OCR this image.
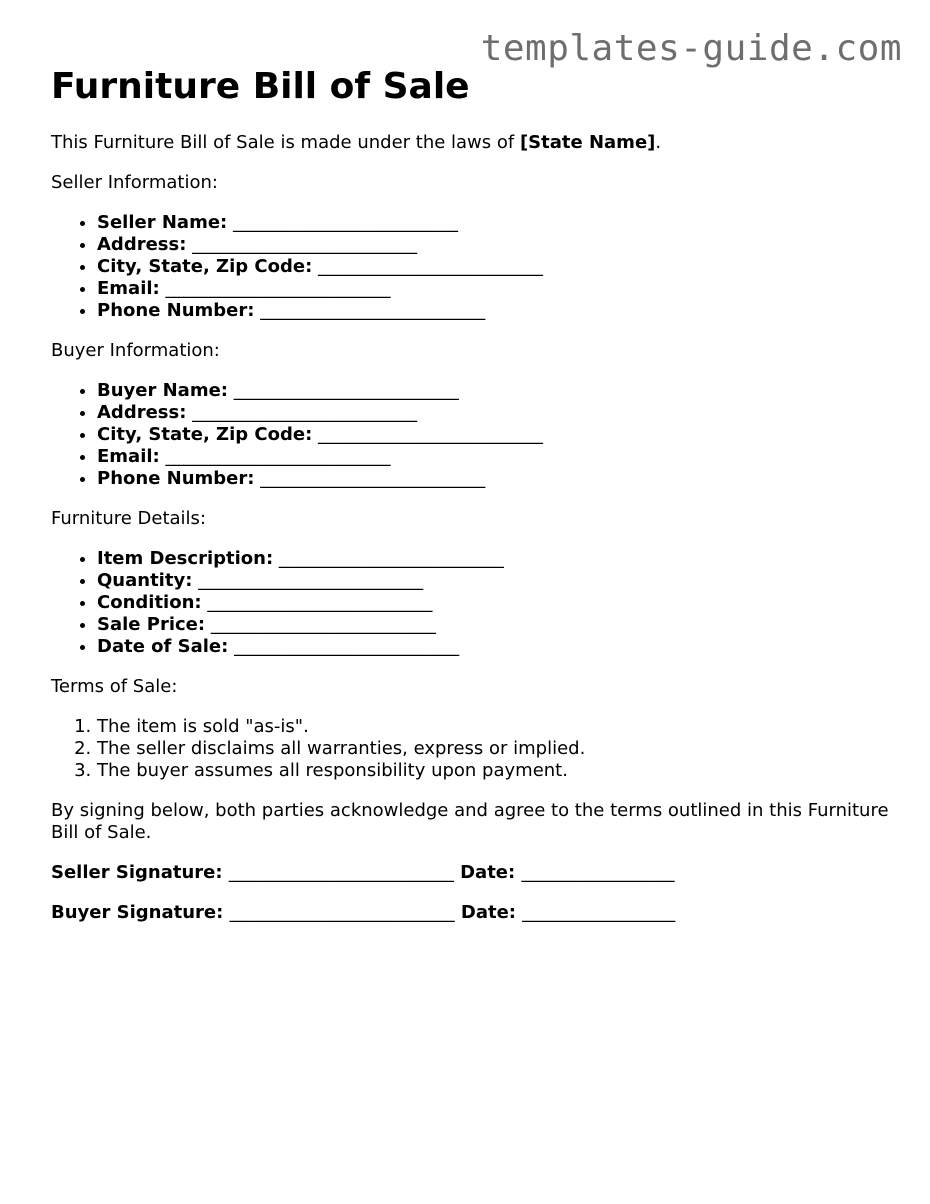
templates-guide.com
Furniture Bill of Sale

This Furniture Bill of Sale is made under the laws of [State Name].

Seller Information:

• Seller Name: _________________________
• Address: _________________________
• City, State, Zip Code: _________________________
• Email: _________________________
• Phone Number: _________________________

Buyer Information:

• Buyer Name: _________________________
• Address: _________________________
• City, State, Zip Code: _________________________
• Email: _________________________
• Phone Number: _________________________

Furniture Details:

• Item Description: _________________________
• Quantity: _________________________
• Condition: _________________________
• Sale Price: _________________________
• Date of Sale: _________________________

Terms of Sale:

1. The item is sold "as-is".
2. The seller disclaims all warranties, express or implied.
3. The buyer assumes all responsibility upon payment.

By signing below, both parties acknowledge and agree to the terms outlined in this Furniture Bill of Sale.

Seller Signature: _________________________ Date: _________________
Buyer Signature: _________________________ Date: _________________
